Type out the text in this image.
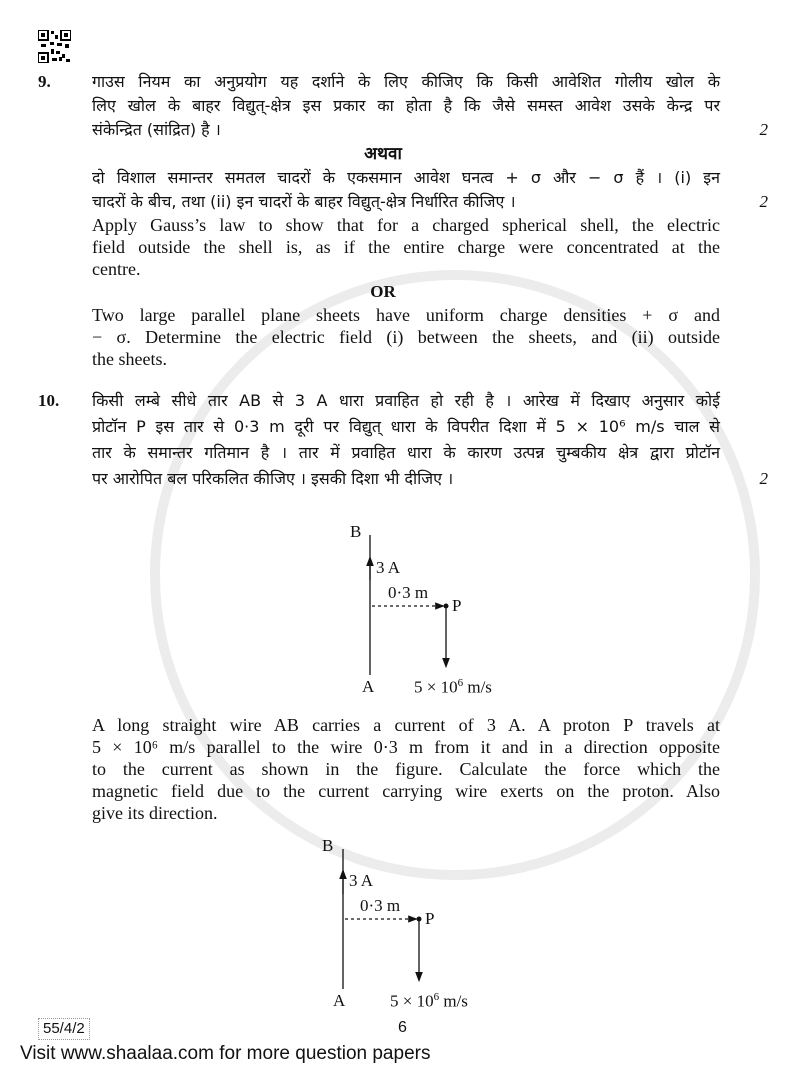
9.	गाउस नियम का अनुप्रयोग यह दर्शाने के लिए कीजिए कि किसी आवेशित गोलीय खोल के
लिए खोल के बाहर विद्युत्-क्षेत्र इस प्रकार का होता है कि जैसे समस्त आवेश उसके केन्द्र पर
संकेन्द्रित (सांद्रित) है ।	2
अथवा
दो विशाल समान्तर समतल चादरों के एकसमान आवेश घनत्व + σ और − σ हैं । (i) इन
चादरों के बीच, तथा (ii) इन चादरों के बाहर विद्युत्-क्षेत्र निर्धारित कीजिए ।	2
Apply Gauss’s law to show that for a charged spherical shell, the electric
field outside the shell is, as if the entire charge were concentrated at the
centre.
OR
Two large parallel plane sheets have uniform charge densities + σ and
− σ. Determine the electric field (i) between the sheets, and (ii) outside
the sheets.
10.	किसी लम्बे सीधे तार AB से 3 A धारा प्रवाहित हो रही है । आरेख में दिखाए अनुसार कोई
प्रोटॉन P इस तार से 0·3 m दूरी पर विद्युत् धारा के विपरीत दिशा में 5 × 10⁶ m/s चाल से
तार के समान्तर गतिमान है । तार में प्रवाहित धारा के कारण उत्पन्न चुम्बकीय क्षेत्र द्वारा प्रोटॉन
पर आरोपित बल परिकलित कीजिए । इसकी दिशा भी दीजिए ।	2
B
3 A
0·3 m
P
A $5 \times 10^6$ m/s
A long straight wire AB carries a current of 3 A. A proton P travels at
5 × 10⁶ m/s parallel to the wire 0·3 m from it and in a direction opposite
to the current as shown in the figure. Calculate the force which the
magnetic field due to the current carrying wire exerts on the proton. Also
give its direction.
B
3 A
0·3 m
P
A	$5 \times 10^6$ m/s
55/4/2	6
Visit www.shaalaa.com for more question papers
